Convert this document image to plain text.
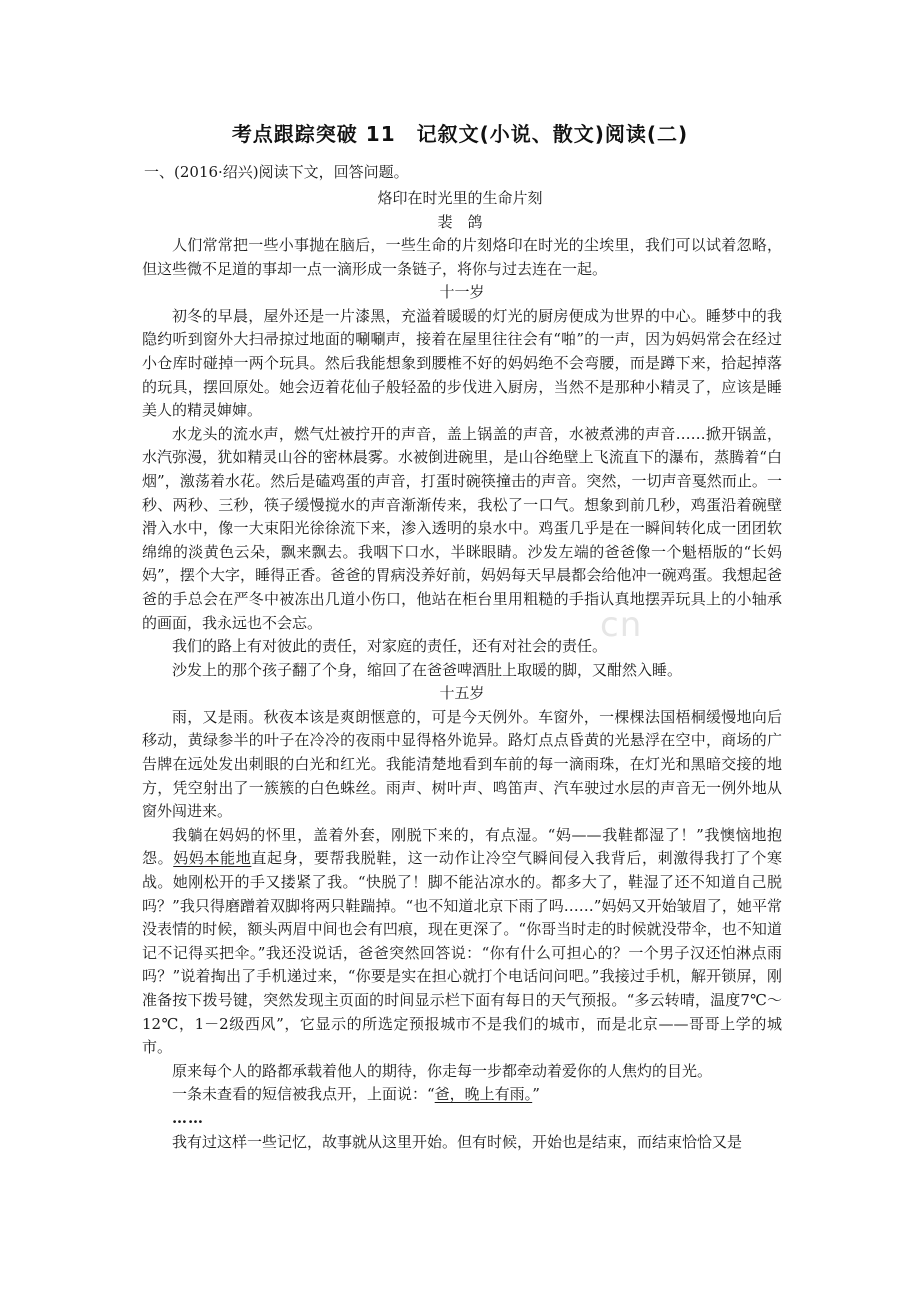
cn
考点跟踪突破 11　记叙文(小说、散文)阅读(二)
一、(2016·绍兴)阅读下文，回答问题。
烙印在时光里的生命片刻
裴　鸽

人们常常把一些小事抛在脑后，一些生命的片刻烙印在时光的尘埃里，我们可以试着忽略，但这些微不足道的事却一点一滴形成一条链子，将你与过去连在一起。

十一岁

初冬的早晨，屋外还是一片漆黑，充溢着暖暖的灯光的厨房便成为世界的中心。睡梦中的我隐约听到窗外大扫帚掠过地面的唰唰声，接着在屋里往往会有“啪”的一声，因为妈妈常会在经过小仓库时碰掉一两个玩具。然后我能想象到腰椎不好的妈妈绝不会弯腰，而是蹲下来，拾起掉落的玩具，摆回原处。她会迈着花仙子般轻盈的步伐进入厨房，当然不是那种小精灵了，应该是睡美人的精灵婶婶。

水龙头的流水声，燃气灶被拧开的声音，盖上锅盖的声音，水被煮沸的声音……掀开锅盖，水汽弥漫，犹如精灵山谷的密林晨雾。水被倒进碗里，是山谷绝壁上飞流直下的瀑布，蒸腾着“白烟”，激荡着水花。然后是磕鸡蛋的声音，打蛋时碗筷撞击的声音。突然，一切声音戛然而止。一秒、两秒、三秒，筷子缓慢搅水的声音渐渐传来，我松了一口气。想象到前几秒，鸡蛋沿着碗壁滑入水中，像一大束阳光徐徐流下来，渗入透明的泉水中。鸡蛋几乎是在一瞬间转化成一团团软绵绵的淡黄色云朵，飘来飘去。我咽下口水，半眯眼睛。沙发左端的爸爸像一个魁梧版的“长妈妈”，摆个大字，睡得正香。爸爸的胃病没养好前，妈妈每天早晨都会给他冲一碗鸡蛋。我想起爸爸的手总会在严冬中被冻出几道小伤口，他站在柜台里用粗糙的手指认真地摆弄玩具上的小轴承的画面，我永远也不会忘。

我们的路上有对彼此的责任，对家庭的责任，还有对社会的责任。

沙发上的那个孩子翻了个身，缩回了在爸爸啤酒肚上取暖的脚，又酣然入睡。

十五岁

雨，又是雨。秋夜本该是爽朗惬意的，可是今天例外。车窗外，一棵棵法国梧桐缓慢地向后移动，黄绿参半的叶子在冷冷的夜雨中显得格外诡异。路灯点点昏黄的光悬浮在空中，商场的广告牌在远处发出刺眼的白光和红光。我能清楚地看到车前的每一滴雨珠，在灯光和黑暗交接的地方，凭空射出了一簇簇的白色蛛丝。雨声、树叶声、鸣笛声、汽车驶过水层的声音无一例外地从窗外闯进来。

我躺在妈妈的怀里，盖着外套，刚脱下来的，有点湿。“妈——我鞋都湿了！”我懊恼地抱怨。妈妈本能地直起身，要帮我脱鞋，这一动作让冷空气瞬间侵入我背后，刺激得我打了个寒战。她刚松开的手又搂紧了我。“快脱了！脚不能沾凉水的。都多大了，鞋湿了还不知道自己脱吗？”我只得磨蹭着双脚将两只鞋踹掉。“也不知道北京下雨了吗……”妈妈又开始皱眉了，她平常没表情的时候，额头两眉中间也会有凹痕，现在更深了。“你哥当时走的时候就没带伞，也不知道记不记得买把伞。”我还没说话，爸爸突然回答说：“你有什么可担心的？一个男子汉还怕淋点雨吗？”说着掏出了手机递过来，“你要是实在担心就打个电话问问吧。”我接过手机，解开锁屏，刚准备按下拨号键，突然发现主页面的时间显示栏下面有每日的天气预报。“多云转晴，温度7℃～12℃，1－2级西风”，它显示的所选定预报城市不是我们的城市，而是北京——哥哥上学的城市。

原来每个人的路都承载着他人的期待，你走每一步都牵动着爱你的人焦灼的目光。

一条未查看的短信被我点开，上面说：“爸，晚上有雨。”

……

我有过这样一些记忆，故事就从这里开始。但有时候，开始也是结束，而结束恰恰又是
